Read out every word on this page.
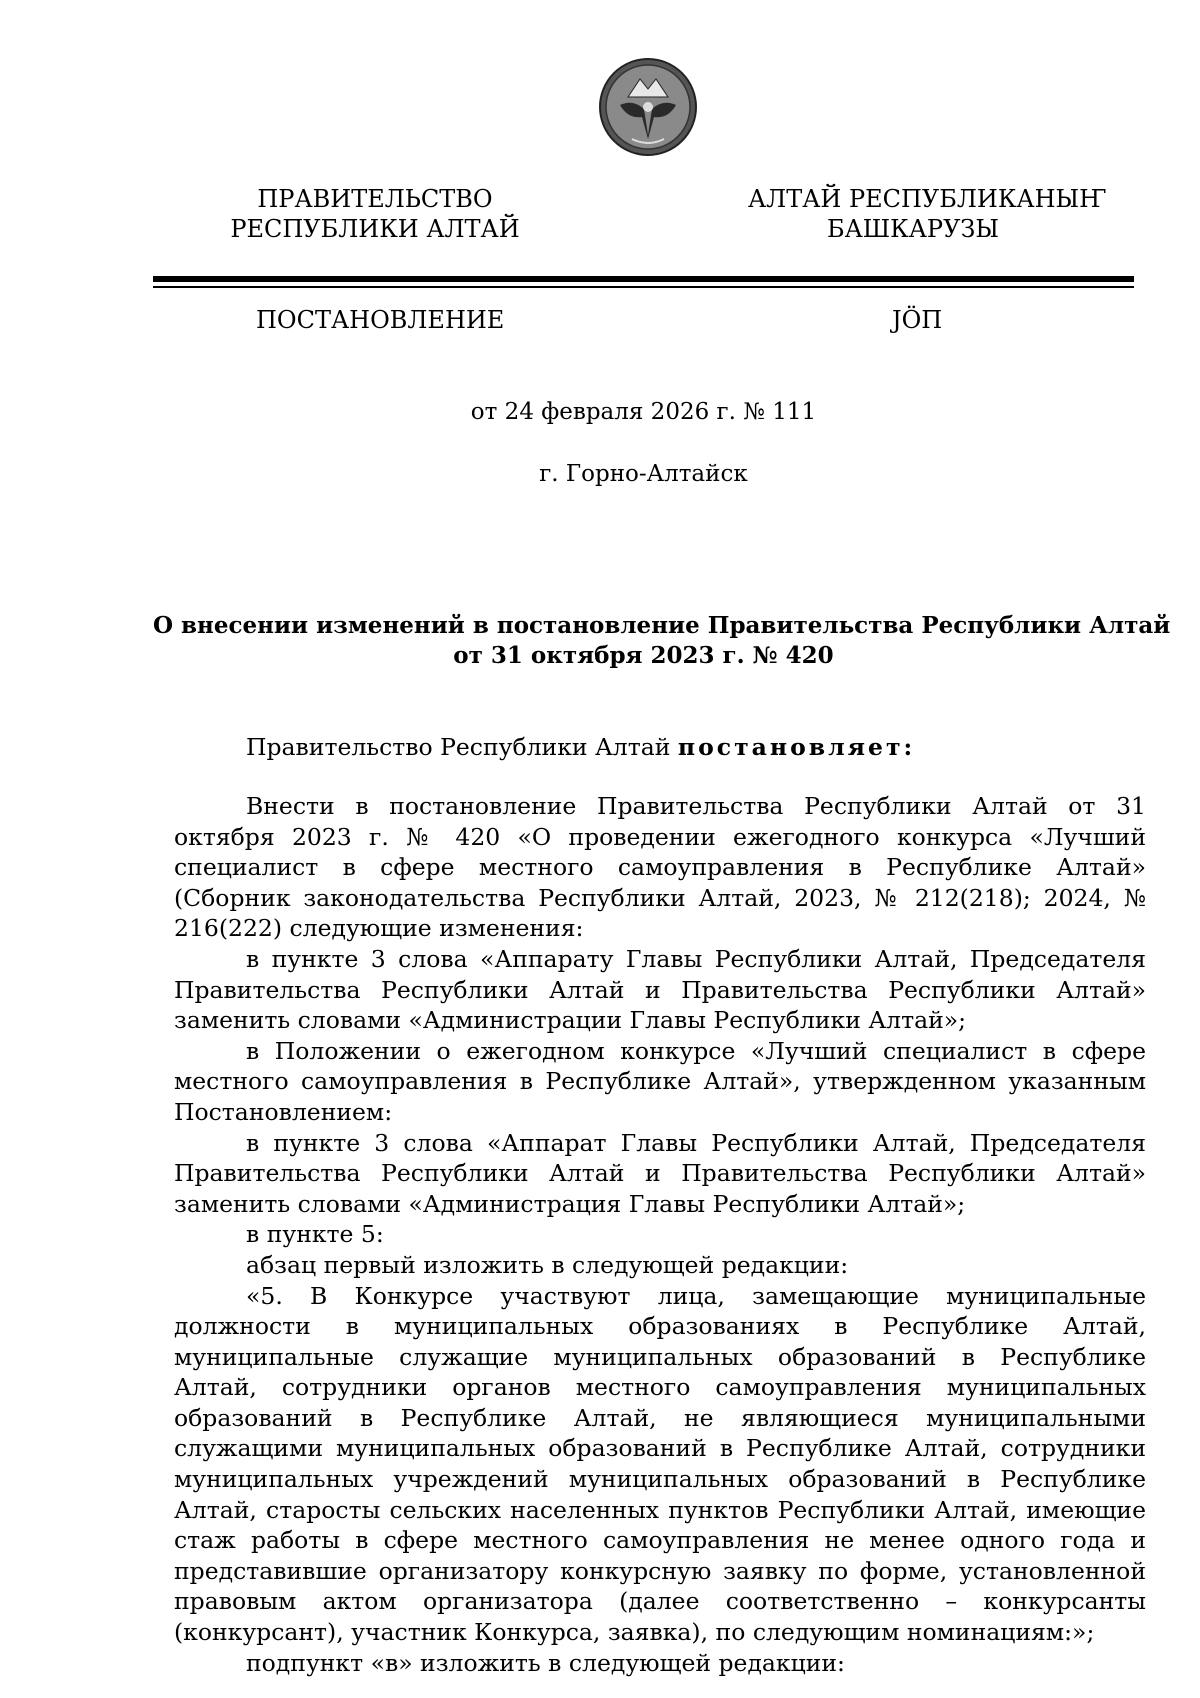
ПРАВИТЕЛЬСТВО
РЕСПУБЛИКИ АЛТАЙ
АЛТАЙ РЕСПУБЛИКАНЫҤ
БАШКАРУЗЫ
ПОСТАНОВЛЕНИЕ	JÖП
от 24 февраля 2026 г. № 111
г. Горно-Алтайск
О внесении изменений в постановление Правительства Республики Алтай
от 31 октября 2023 г. № 420
Правительство Республики Алтай постановляет:

Внести в постановление Правительства Республики Алтай от 31 октября 2023 г. № 420 «О проведении ежегодного конкурса «Лучший специалист в сфере местного самоуправления в Республике Алтай» (Сборник законодательства Республики Алтай, 2023, № 212(218); 2024, № 216(222) следующие изменения:

в пункте 3 слова «Аппарату Главы Республики Алтай, Председателя Правительства Республики Алтай и Правительства Республики Алтай» заменить словами «Администрации Главы Республики Алтай»;

в Положении о ежегодном конкурсе «Лучший специалист в сфере местного самоуправления в Республике Алтай», утвержденном указанным Постановлением:

в пункте 3 слова «Аппарат Главы Республики Алтай, Председателя Правительства Республики Алтай и Правительства Республики Алтай» заменить словами «Администрация Главы Республики Алтай»;

в пункте 5:

абзац первый изложить в следующей редакции:

«5. В Конкурсе участвуют лица, замещающие муниципальные должности в муниципальных образованиях в Республике Алтай, муниципальные служащие муниципальных образований в Республике Алтай, сотрудники органов местного самоуправления муниципальных образований в Республике Алтай, не являющиеся муниципальными служащими муниципальных образований в Республике Алтай, сотрудники муниципальных учреждений муниципальных образований в Республике Алтай, старосты сельских населенных пунктов Республики Алтай, имеющие стаж работы в сфере местного самоуправления не менее одного года и представившие организатору конкурсную заявку по форме, установленной правовым актом организатора (далее соответственно – конкурсанты (конкурсант), участник Конкурса, заявка), по следующим номинациям:»;

подпункт «в» изложить в следующей редакции:
